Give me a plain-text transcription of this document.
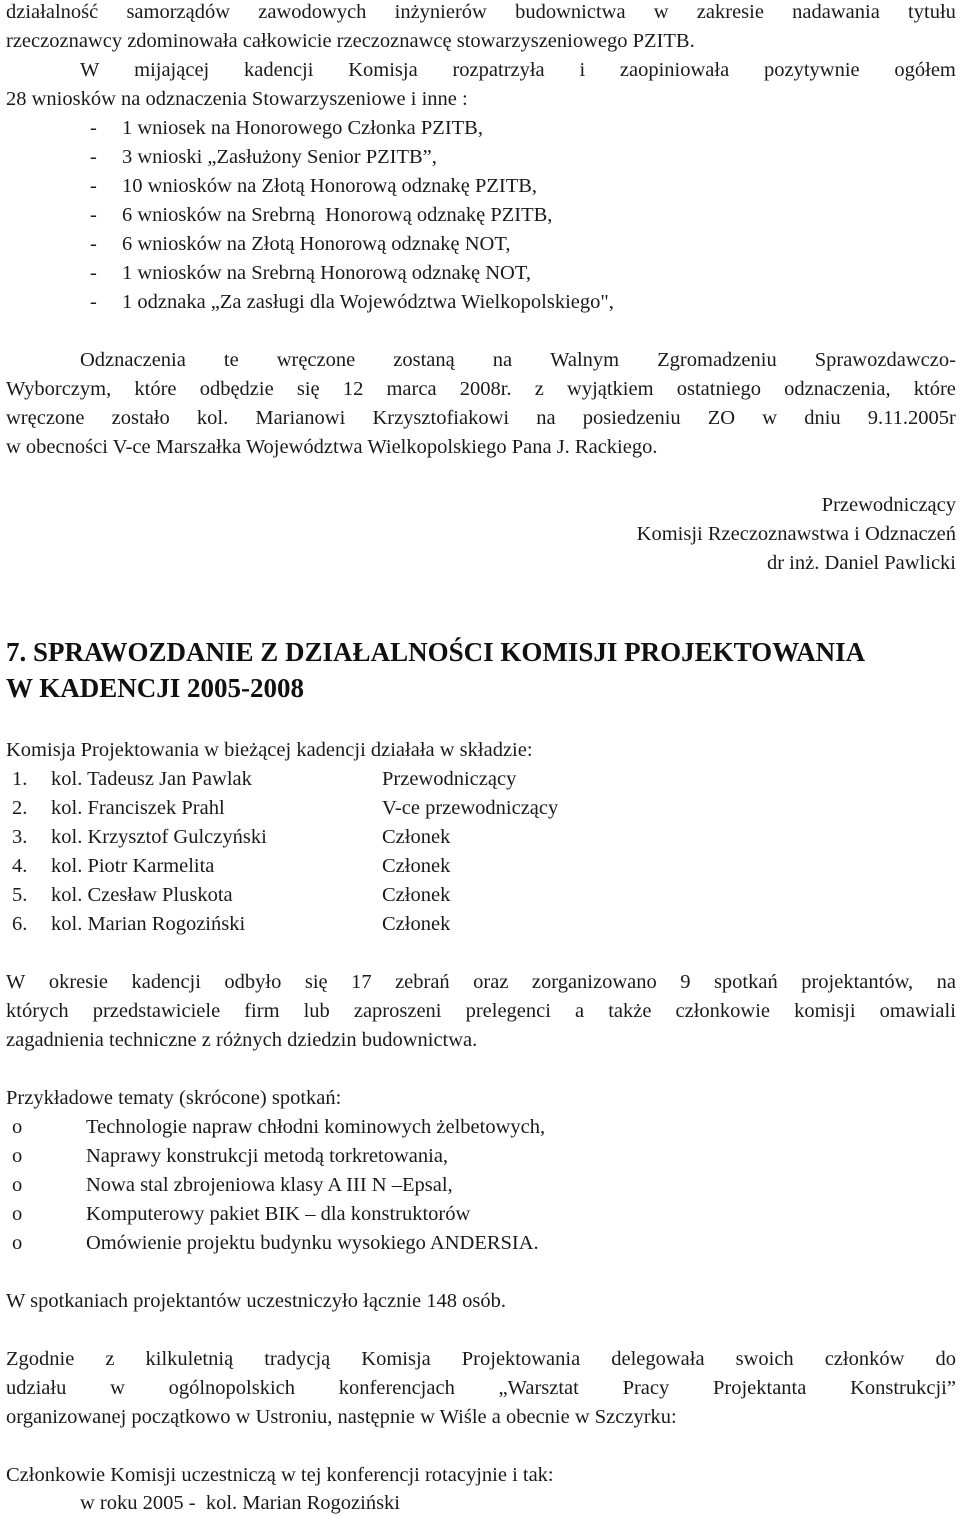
działalność samorządów zawodowych inżynierów budownictwa w zakresie nadawania tytułu
rzeczoznawcy zdominowała całkowicie rzeczoznawcę stowarzyszeniowego PZITB.
W mijającej kadencji Komisja rozpatrzyła i zaopiniowała pozytywnie ogółem
28 wniosków na odznaczenia Stowarzyszeniowe i inne :
- 1 wniosek na Honorowego Członka PZITB,
- 3 wnioski „Zasłużony Senior PZITB”,
- 10 wniosków na Złotą Honorową odznakę PZITB,
- 6 wniosków na Srebrną  Honorową odznakę PZITB,
- 6 wniosków na Złotą Honorową odznakę NOT,
- 1 wniosków na Srebrną Honorową odznakę NOT,
- 1 odznaka „Za zasługi dla Województwa Wielkopolskiego",
Odznaczenia te wręczone zostaną na Walnym Zgromadzeniu Sprawozdawczo-
Wyborczym, które odbędzie się 12 marca 2008r. z wyjątkiem ostatniego odznaczenia, które
wręczone zostało kol. Marianowi Krzysztofiakowi na posiedzeniu ZO w dniu 9.11.2005r
w obecności V-ce Marszałka Województwa Wielkopolskiego Pana J. Rackiego.
Przewodniczący
Komisji Rzeczoznawstwa i Odznaczeń
dr inż. Daniel Pawlicki
7. SPRAWOZDANIE Z DZIAŁALNOŚCI KOMISJI PROJEKTOWANIA
W KADENCJI 2005-2008
Komisja Projektowania w bieżącej kadencji działała w składzie:
1. kol. Tadeusz Jan Pawlak	Przewodniczący
2. kol. Franciszek Prahl	V-ce przewodniczący
3. kol. Krzysztof Gulczyński	Członek
4. kol. Piotr Karmelita	Członek
5. kol. Czesław Pluskota	Członek
6. kol. Marian Rogoziński	Członek
W okresie kadencji odbyło się 17 zebrań oraz zorganizowano 9 spotkań projektantów, na
których przedstawiciele firm lub zaproszeni prelegenci a także członkowie komisji omawiali
zagadnienia techniczne z różnych dziedzin budownictwa.
Przykładowe tematy (skrócone) spotkań:
o	Technologie napraw chłodni kominowych żelbetowych,
o	Naprawy konstrukcji metodą torkretowania,
o	Nowa stal zbrojeniowa klasy A III N –Epsal,
o	Komputerowy pakiet BIK – dla konstruktorów
o	Omówienie projektu budynku wysokiego ANDERSIA.
W spotkaniach projektantów uczestniczyło łącznie 148 osób.
Zgodnie z kilkuletnią tradycją Komisja Projektowania delegowała swoich członków do
udziału w ogólnopolskich konferencjach „Warsztat Pracy Projektanta Konstrukcji”
organizowanej początkowo w Ustroniu, następnie w Wiśle a obecnie w Szczyrku:
Członkowie Komisji uczestniczą w tej konferencji rotacyjnie i tak:
w roku 2005 -  kol. Marian Rogoziński
